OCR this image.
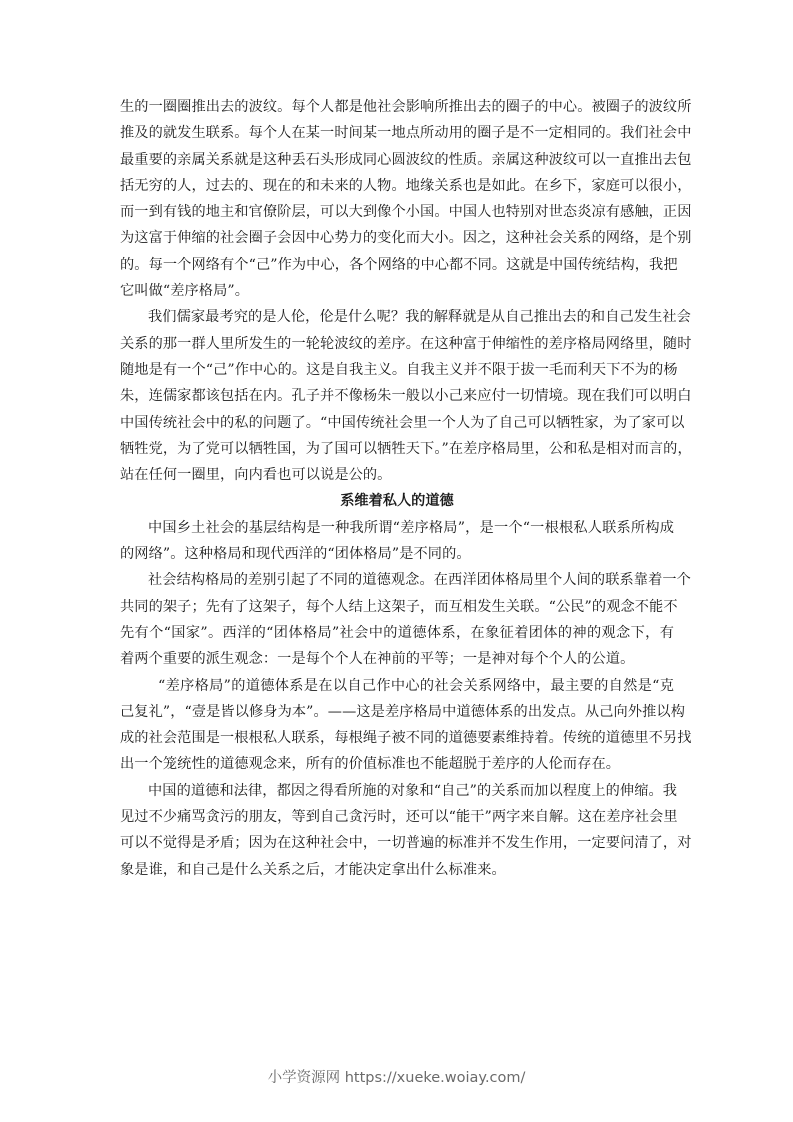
生的一圈圈推出去的波纹。每个人都是他社会影响所推出去的圈子的中心。被圈子的波纹所
推及的就发生联系。每个人在某一时间某一地点所动用的圈子是不一定相同的。我们社会中
最重要的亲属关系就是这种丢石头形成同心圆波纹的性质。亲属这种波纹可以一直推出去包
括无穷的人，过去的、现在的和未来的人物。地缘关系也是如此。在乡下，家庭可以很小，
而一到有钱的地主和官僚阶层，可以大到像个小国。中国人也特别对世态炎凉有感触，正因
为这富于伸缩的社会圈子会因中心势力的变化而大小。因之，这种社会关系的网络，是个别
的。每一个网络有个“己”作为中心，各个网络的中心都不同。这就是中国传统结构，我把
它叫做“差序格局”。
我们儒家最考究的是人伦，伦是什么呢？我的解释就是从自己推出去的和自己发生社会
关系的那一群人里所发生的一轮轮波纹的差序。在这种富于伸缩性的差序格局网络里，随时
随地是有一个“己”作中心的。这是自我主义。自我主义并不限于拔一毛而利天下不为的杨
朱，连儒家都该包括在内。孔子并不像杨朱一般以小己来应付一切情境。现在我们可以明白
中国传统社会中的私的问题了。“中国传统社会里一个人为了自己可以牺牲家，为了家可以
牺牲党，为了党可以牺牲国，为了国可以牺牲天下。”在差序格局里，公和私是相对而言的，
站在任何一圈里，向内看也可以说是公的。
系维着私人的道德
中国乡土社会的基层结构是一种我所谓“差序格局”，是一个“一根根私人联系所构成
的网络”。这种格局和现代西洋的“团体格局”是不同的。
社会结构格局的差别引起了不同的道德观念。在西洋团体格局里个人间的联系靠着一个
共同的架子；先有了这架子，每个人结上这架子，而互相发生关联。“公民”的观念不能不
先有个“国家”。西洋的“团体格局”社会中的道德体系，在象征着团体的神的观念下，有
着两个重要的派生观念：一是每个个人在神前的平等；一是神对每个个人的公道。
“差序格局”的道德体系是在以自己作中心的社会关系网络中，最主要的自然是“克
己复礼”，“壹是皆以修身为本”。——这是差序格局中道德体系的出发点。从己向外推以构
成的社会范围是一根根私人联系，每根绳子被不同的道德要素维持着。传统的道德里不另找
出一个笼统性的道德观念来，所有的价值标准也不能超脱于差序的人伦而存在。
中国的道德和法律，都因之得看所施的对象和“自己”的关系而加以程度上的伸缩。我
见过不少痛骂贪污的朋友，等到自己贪污时，还可以“能干”两字来自解。这在差序社会里
可以不觉得是矛盾；因为在这种社会中，一切普遍的标准并不发生作用，一定要问清了，对
象是谁，和自己是什么关系之后，才能决定拿出什么标准来。
小学资源网 https://xueke.woiay.com/
